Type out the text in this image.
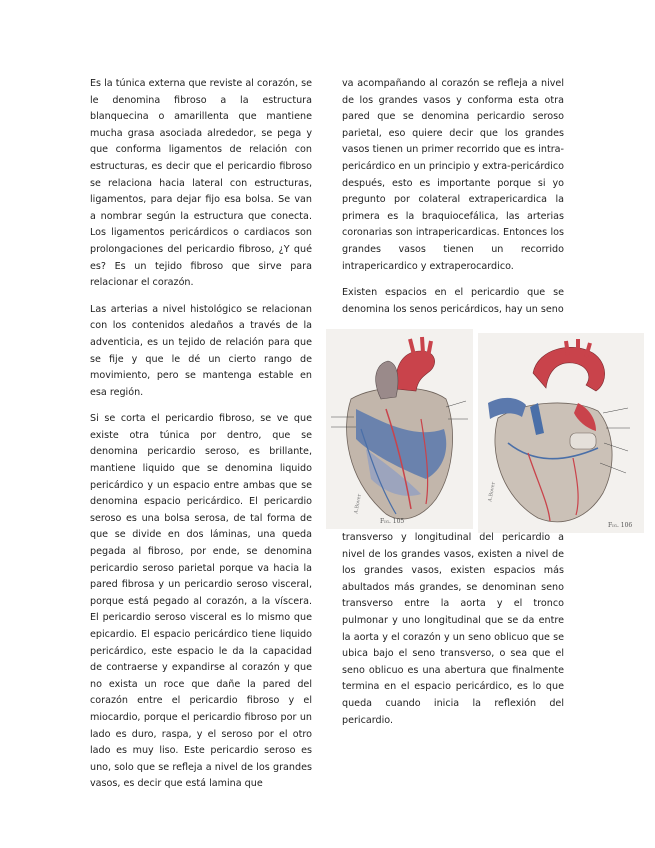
Es la túnica externa que reviste al corazón, se le denomina fibroso a la estructura blanquecina o amarillenta que mantiene mucha grasa asociada alrededor, se pega y que conforma ligamentos de relación con estructuras, es decir que el pericardio fibroso se relaciona hacia lateral con estructuras, ligamentos, para dejar fijo esa bolsa. Se van a nombrar según la estructura que conecta. Los ligamentos pericárdicos o cardiacos son prolongaciones del pericardio fibroso, ¿Y qué es? Es un tejido fibroso que sirve para relacionar el corazón.

Las arterias a nivel histológico se relacionan con los contenidos aledaños a través de la adventicia, es un tejido de relación para que se fije y que le dé un cierto rango de movimiento, pero se mantenga estable en esa región.

Si se corta el pericardio fibroso, se ve que existe otra túnica por dentro, que se denomina pericardio seroso, es brillante, mantiene liquido que se denomina liquido pericárdico y un espacio entre ambas que se denomina espacio pericárdico. El pericardio seroso es una bolsa serosa, de tal forma de que se divide en dos láminas, una queda pegada al fibroso, por ende, se denomina pericardio seroso parietal porque va hacia la pared fibrosa y un pericardio seroso visceral, porque está pegado al corazón, a la víscera. El pericardio seroso visceral es lo mismo que epicardio. El espacio pericárdico tiene liquido pericárdico, este espacio le da la capacidad de contraerse y expandirse al corazón y que no exista un roce que dañe la pared del corazón entre el pericardio fibroso y el miocardio, porque el pericardio fibroso por un lado es duro, raspa, y el seroso por el otro lado es muy liso. Este pericardio seroso es uno, solo que se refleja a nivel de los grandes vasos, es decir que está lamina que

va acompañando al corazón se refleja a nivel de los grandes vasos y conforma esta otra pared que se denomina pericardio seroso parietal, eso quiere decir que los grandes vasos tienen un primer recorrido que es intra-pericárdico en un principio y extra-pericárdico después, esto es importante porque si yo pregunto por colateral extrapericardica la primera es la braquiocefálica, las arterias coronarias son intrapericardicas. Entonces los grandes vasos tienen un recorrido intrapericardico y extraperocardico.

Existen espacios en el pericardio que se denomina los senos pericárdicos, hay un seno

Fig. 105
A.Bover
Fig. 106
A.Bover

transverso y longitudinal del pericardio a nivel de los grandes vasos, existen a nivel de los grandes vasos, existen espacios más abultados más grandes, se denominan seno transverso entre la aorta y el tronco pulmonar y uno longitudinal que se da entre la aorta y el corazón y un seno oblicuo que se ubica bajo el seno transverso, o sea que el seno oblicuo es una abertura que finalmente termina en el espacio pericárdico, es lo que queda cuando inicia la reflexión del pericardio.
